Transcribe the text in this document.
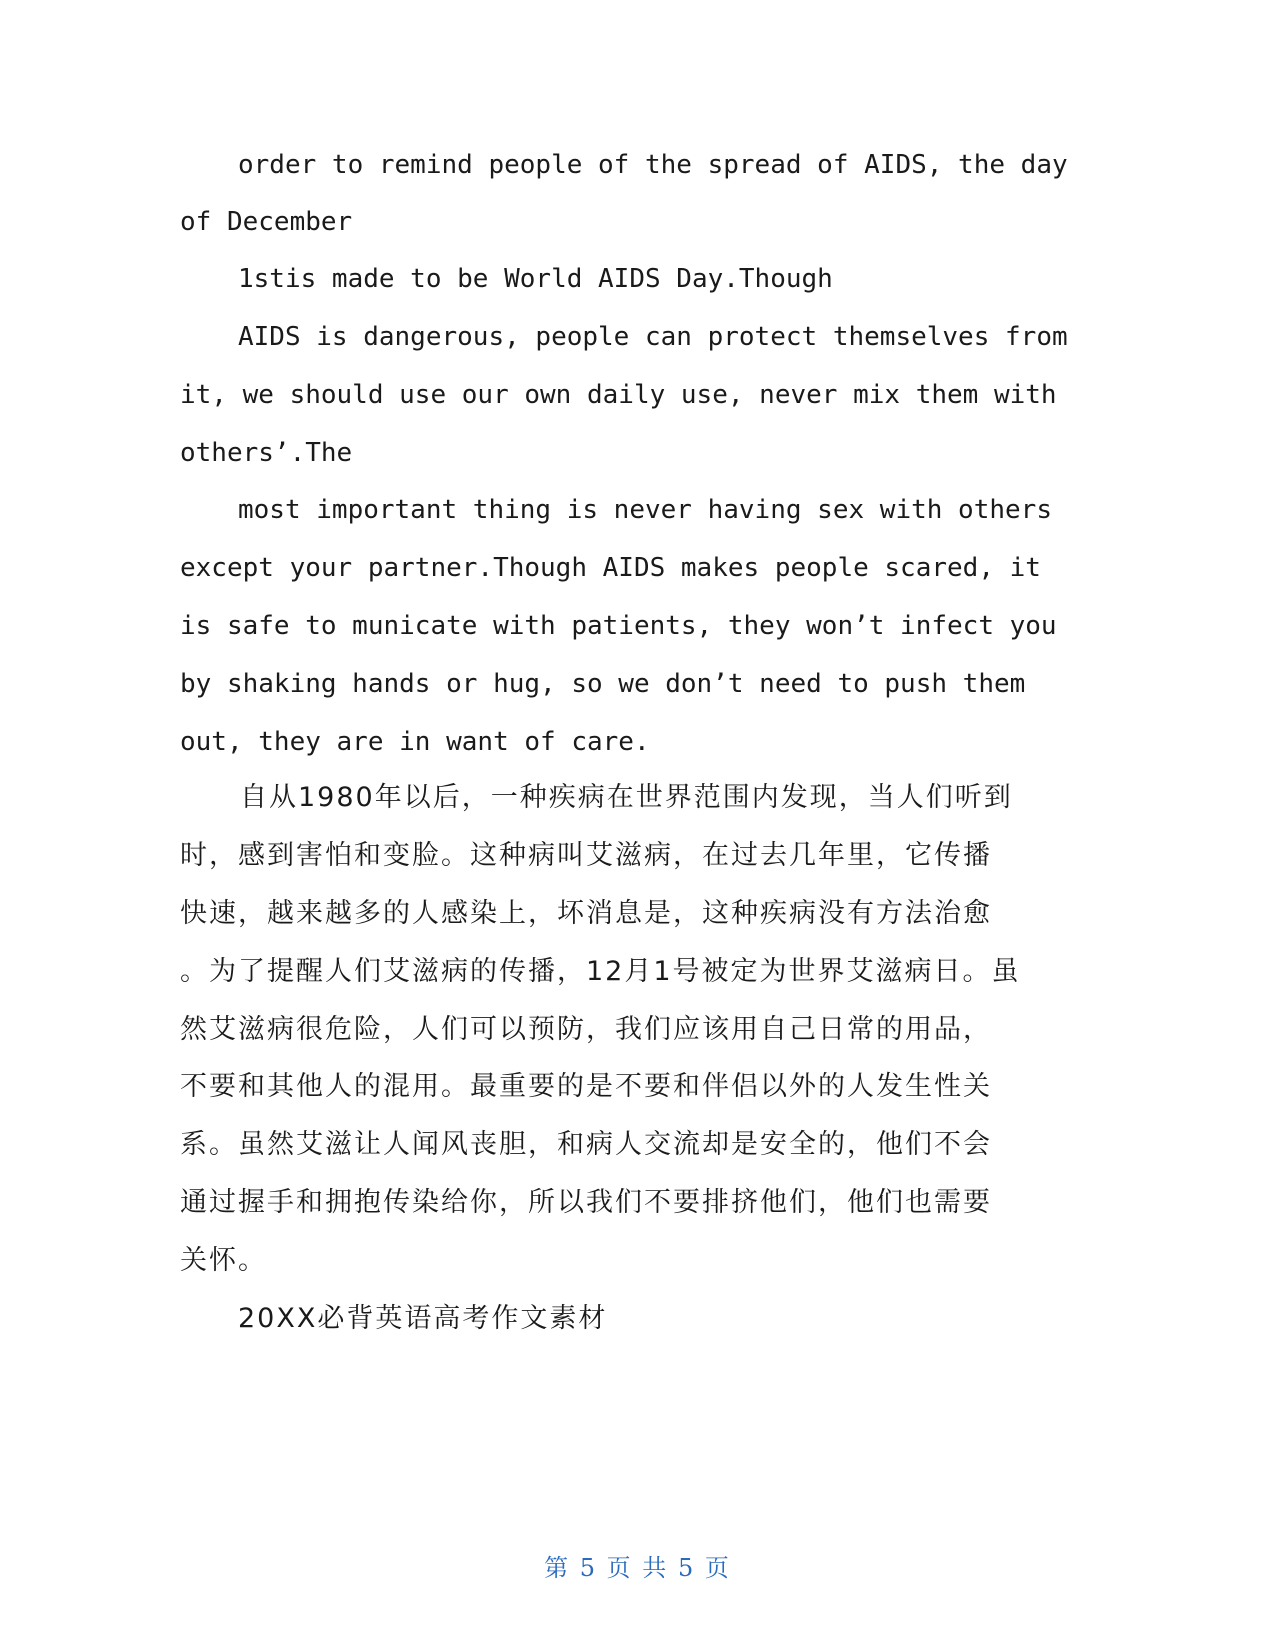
order to remind people of the spread of AIDS, the day
of December
1stis made to be World AIDS Day.Though
AIDS is dangerous, people can protect themselves from
it, we should use our own daily use, never mix them with
others’.The
most important thing is never having sex with others
except your partner.Though AIDS makes people scared, it
is safe to municate with patients, they won’t infect you
by shaking hands or hug, so we don’t need to push them
out, they are in want of care.
自从1980年以后，一种疾病在世界范围内发现，当人们听到
时，感到害怕和变脸。这种病叫艾滋病，在过去几年里，它传播
快速，越来越多的人感染上，坏消息是，这种疾病没有方法治愈
。为了提醒人们艾滋病的传播，12月1号被定为世界艾滋病日。虽
然艾滋病很危险，人们可以预防，我们应该用自己日常的用品，
不要和其他人的混用。最重要的是不要和伴侣以外的人发生性关
系。虽然艾滋让人闻风丧胆，和病人交流却是安全的，他们不会
通过握手和拥抱传染给你，所以我们不要排挤他们，他们也需要
关怀。
20XX必背英语高考作文素材
第 5 页 共 5 页
